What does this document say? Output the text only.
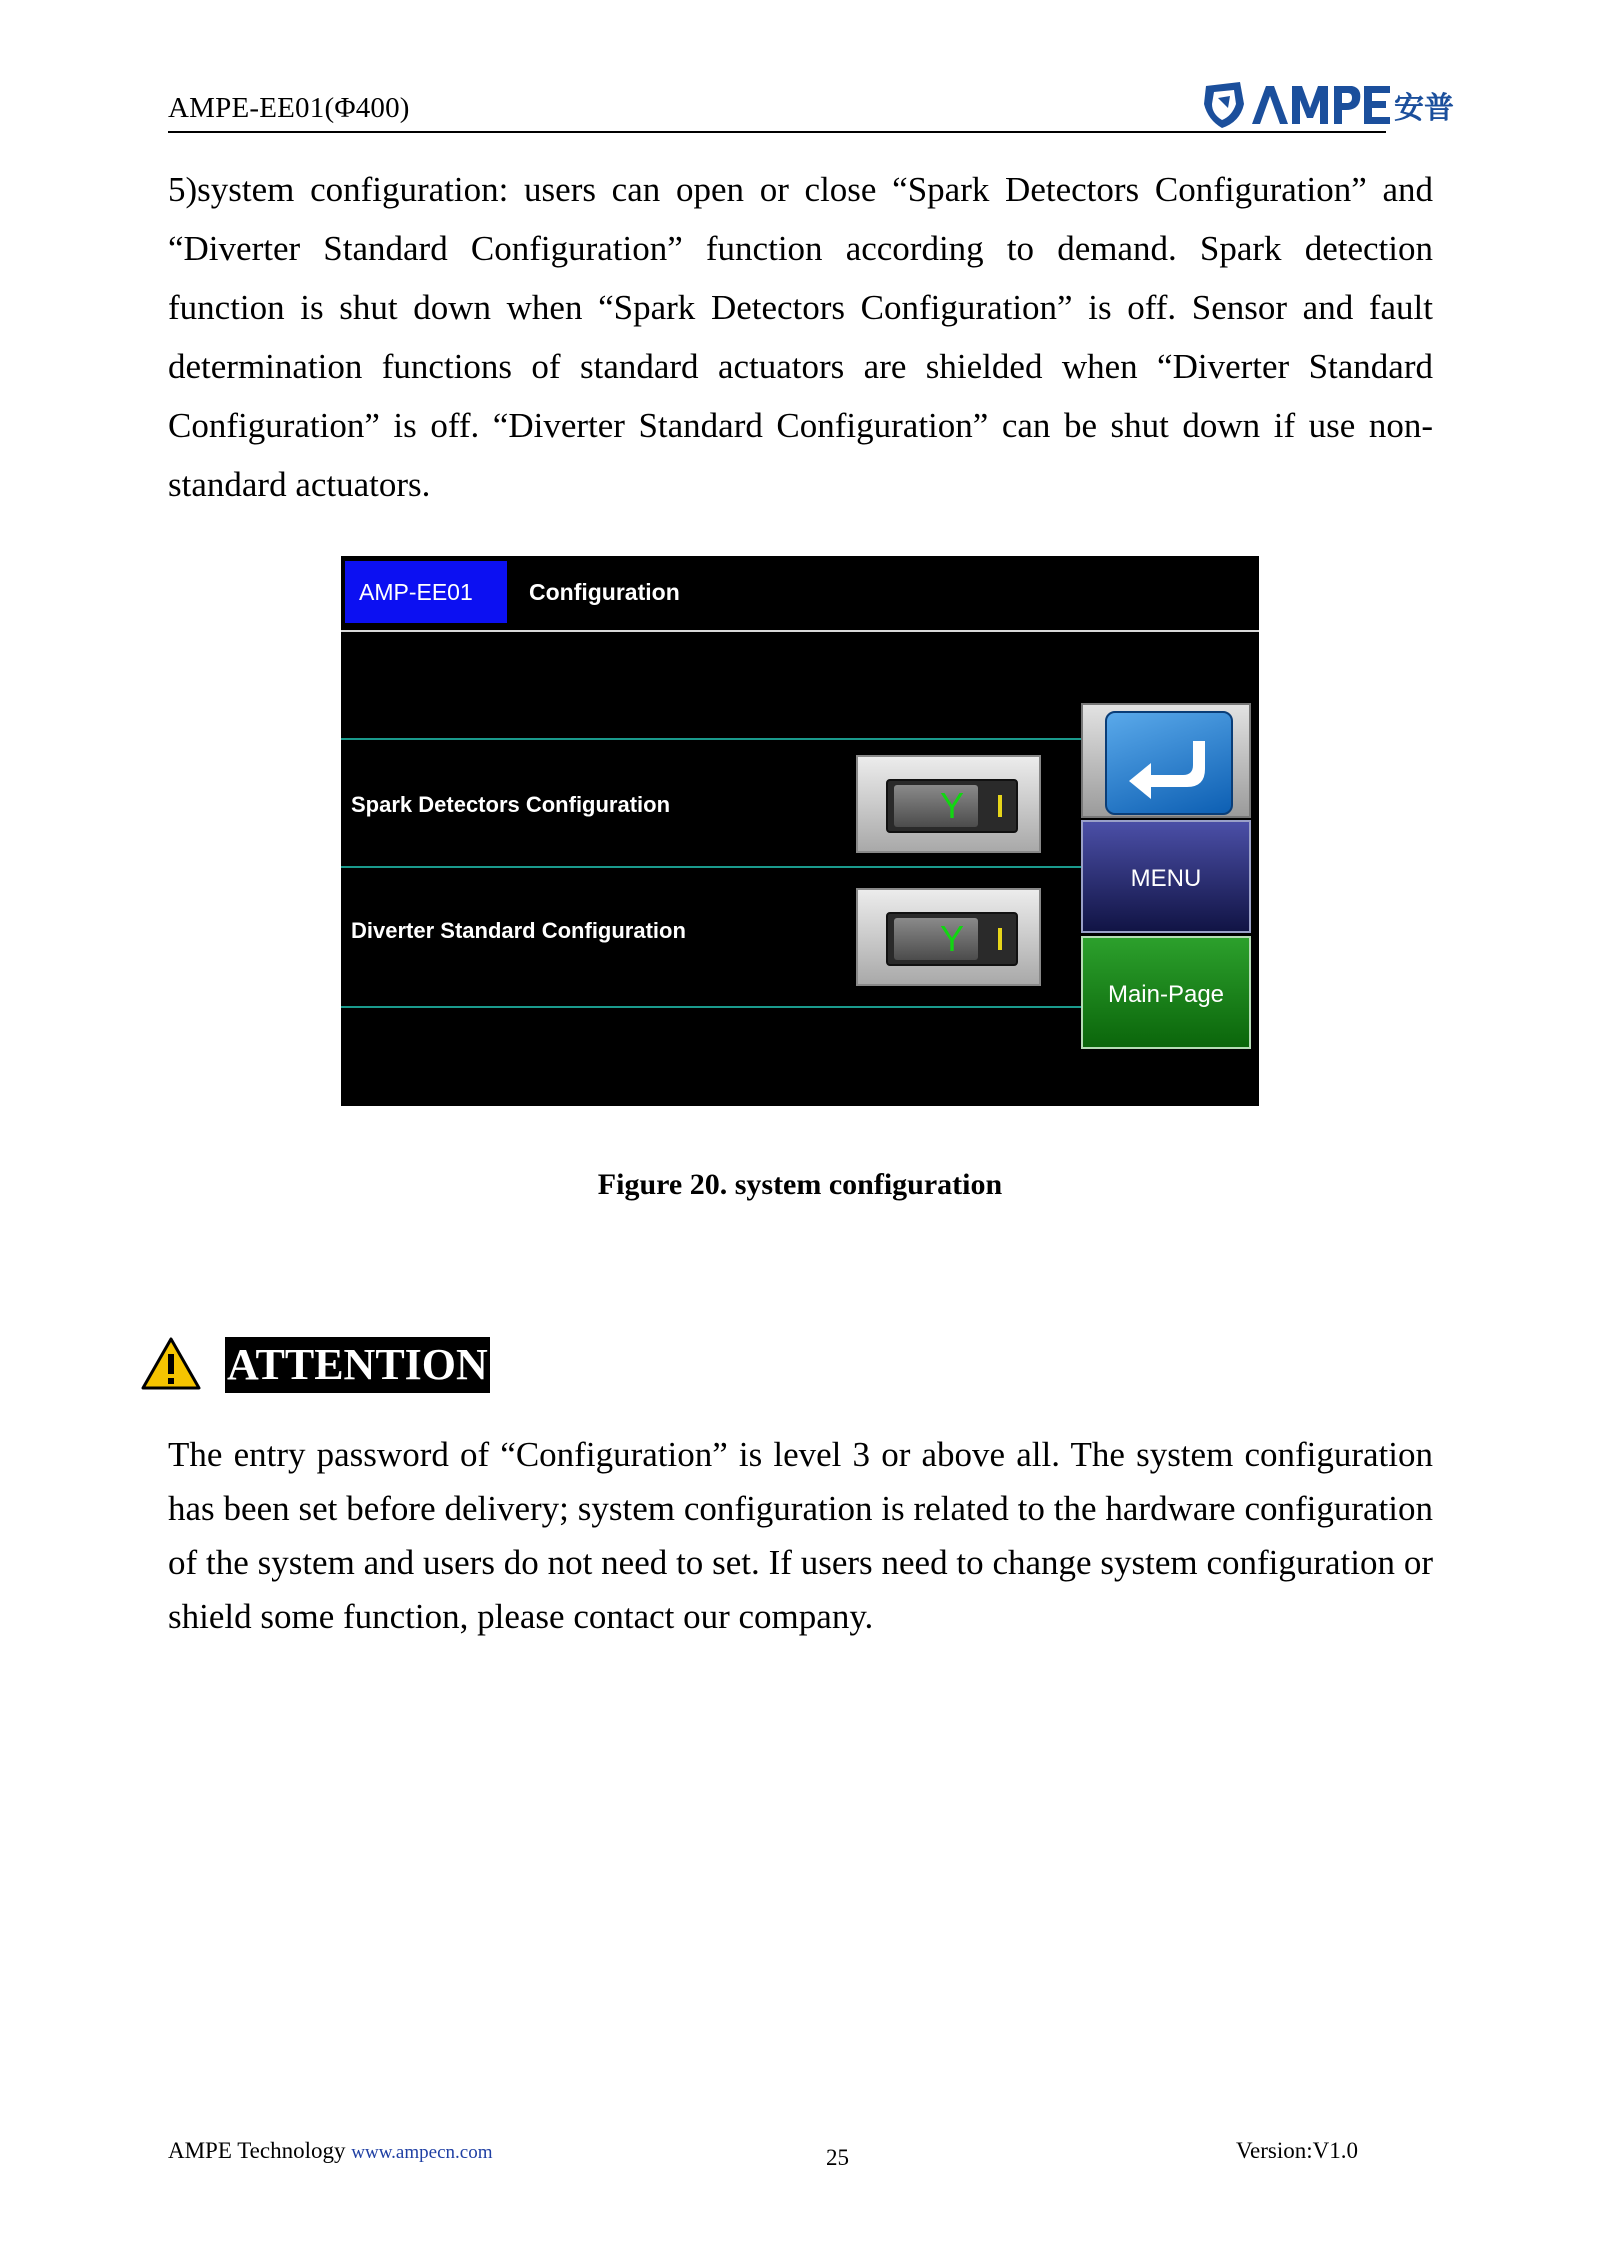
AMPE-EE01(Φ400)	安普

5)system configuration: users can open or close “Spark Detectors Configuration” and “Diverter Standard Configuration” function according to demand. Spark detection function is shut down when “Spark Detectors Configuration” is off. Sensor and fault determination functions of standard actuators are shielded when “Diverter Standard Configuration” is off. “Diverter Standard Configuration” can be shut down if use non-standard actuators.

AMP-EE01	Configuration
Spark Detectors Configuration	Y
Diverter Standard Configuration	Y
MENU
Main-Page
Figure 20. system configuration
ATTENTION

The entry password of “Configuration” is level 3 or above all. The system configuration has been set before delivery; system configuration is related to the hardware configuration of the system and users do not need to set. If users need to change system configuration or shield some function, please contact our company.

AMPE Technology www.ampecn.com	25	Version:V1.0
